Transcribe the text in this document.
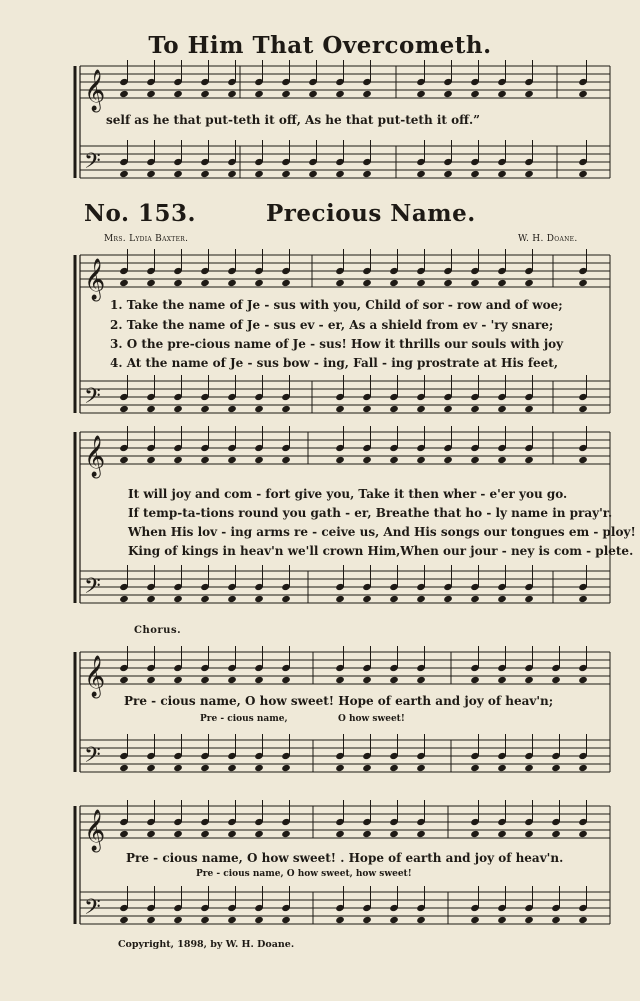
𝄞
𝄢
𝄞
𝄢
𝄞
𝄢
𝄞
𝄢
𝄞
𝄢
To Him That Overcometh.
self as he that put-teth it off, As he that put-teth it off.”
No. 153.	Precious Name.
Mrs. Lydia Baxter.	W. H. Doane.
1. Take the name of Je - sus with you, Child of sor - row and of woe;
2. Take the name of Je - sus ev - er, As a shield from ev - 'ry snare;
3. O the pre-cious name of Je - sus! How it thrills our souls with joy
4. At the name of Je - sus bow - ing, Fall - ing prostrate at His feet,
It will joy and com - fort give you, Take it then wher - e'er you go.
If temp-ta-tions round you gath - er, Breathe that ho - ly name in pray'r.
When His lov - ing arms re - ceive us, And His songs our tongues em - ploy!
King of kings in heav'n we'll crown Him,When our jour - ney is com - plete.
Chorus.
Pre - cious name, O how sweet! Hope of earth and joy of heav'n;
Pre - cious name,	O how sweet!
Pre - cious name, O how sweet! . Hope of earth and joy of heav'n.
Pre - cious name, O how sweet, how sweet!
Copyright, 1898, by W. H. Doane.
